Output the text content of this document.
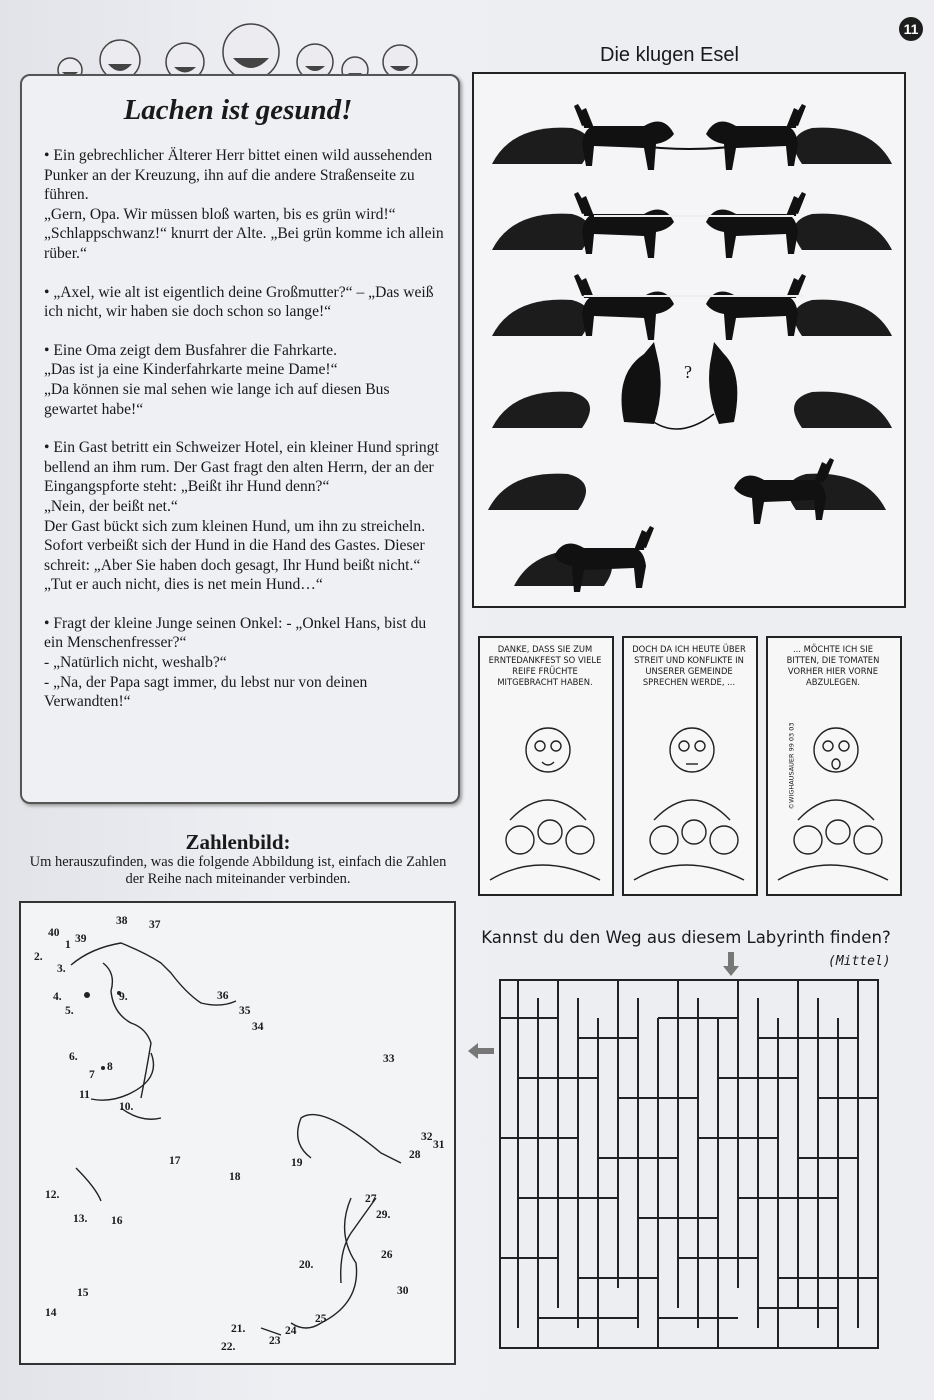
11
Lachen ist gesund!

• Ein gebrechlicher Älterer Herr bittet einen wild aussehenden Punker an der Kreuzung, ihn auf die andere Straßenseite zu führen.
„Gern, Opa. Wir müssen bloß warten, bis es grün wird!“
„Schlappschwanz!“ knurrt der Alte. „Bei grün komme ich allein rüber.“

• „Axel, wie alt ist eigentlich deine Großmutter?“ – „Das weiß ich nicht, wir haben sie doch schon so lange!“

• Eine Oma zeigt dem Busfahrer die Fahrkarte.
„Das ist ja eine Kinderfahrkarte meine Dame!“
„Da können sie mal sehen wie lange ich auf diesen Bus gewartet habe!“

• Ein Gast betritt ein Schweizer Hotel, ein kleiner Hund springt bellend an ihm rum. Der Gast fragt den alten Herrn, der an der Eingangspforte steht: „Beißt ihr Hund denn?“
„Nein, der beißt net.“
Der Gast bückt sich zum kleinen Hund, um ihn zu streicheln. Sofort verbeißt sich der Hund in die Hand des Gastes. Dieser schreit: „Aber Sie haben doch gesagt, Ihr Hund beißt nicht.“
„Tut er auch nicht, dies is net mein Hund…“

• Fragt der kleine Junge seinen Onkel: - „Onkel Hans, bist du ein Menschenfresser?“
- „Natürlich nicht, weshalb?“
- „Na, der Papa sagt immer, du lebst nur von deinen Verwandten!“

Zahlenbild:
Um herauszufinden, was die folgende Abbildung ist, einfach die Zahlen der Reihe nach miteinander verbinden.
40 39
1
2.
3.
38 37
4.
5.
9.	36
35
34
6.
8
7
33
11
10.
32
31
28
17	19
18
12.	27
29.
13. 16
26
20.
30
15
14	25
21.	24
23
22.
Die klugen Esel
?
DANKE, DASS SIE ZUM ERNTEDANKFEST SO VIELE REIFE FRÜCHTE MITGEBRACHT HABEN.
DOCH DA ICH HEUTE ÜBER STREIT UND KONFLIKTE IN UNSERER GEMEINDE SPRECHEN WERDE, ...
... MÖCHTE ICH SIE BITTEN, DIE TOMATEN VORHER HIER VORNE ABZULEGEN.
©WIGHAUSAUER 99 03 03
Kannst du den Weg aus diesem Labyrinth finden?
(Mittel)
